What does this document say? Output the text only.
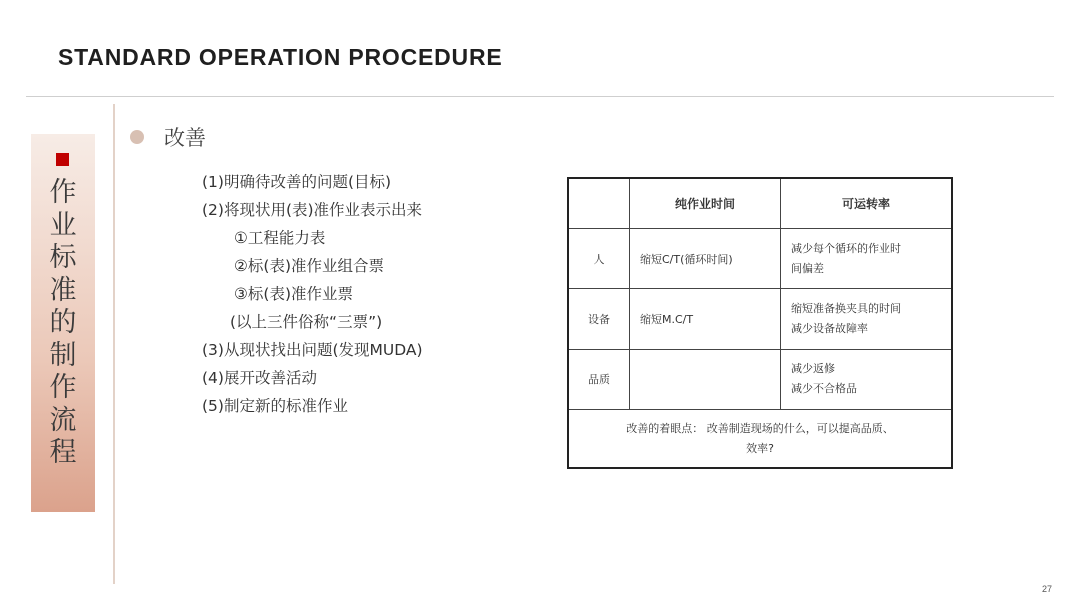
STANDARD OPERATION PROCEDURE
作业标准的制作流程
改善
(1)明确待改善的问题(目标)
(2)将现状用(表)准作业表示出来
①工程能力表
②标(表)准作业组合票
③标(表)准作业票
(以上三件俗称“三票”)
(3)从现状找出问题(发现MUDA)
(4)展开改善活动
(5)制定新的标准作业
	纯作业时间	可运转率
人	缩短C/T(循环时间)	减少每个循环的作业时
间偏差

设备	缩短M.C/T	缩短准备换夹具的时间
减少设备故障率

品质		减少返修
减少不合格品

改善的着眼点： 改善制造现场的什么，可以提高品质、
效率?		
27
